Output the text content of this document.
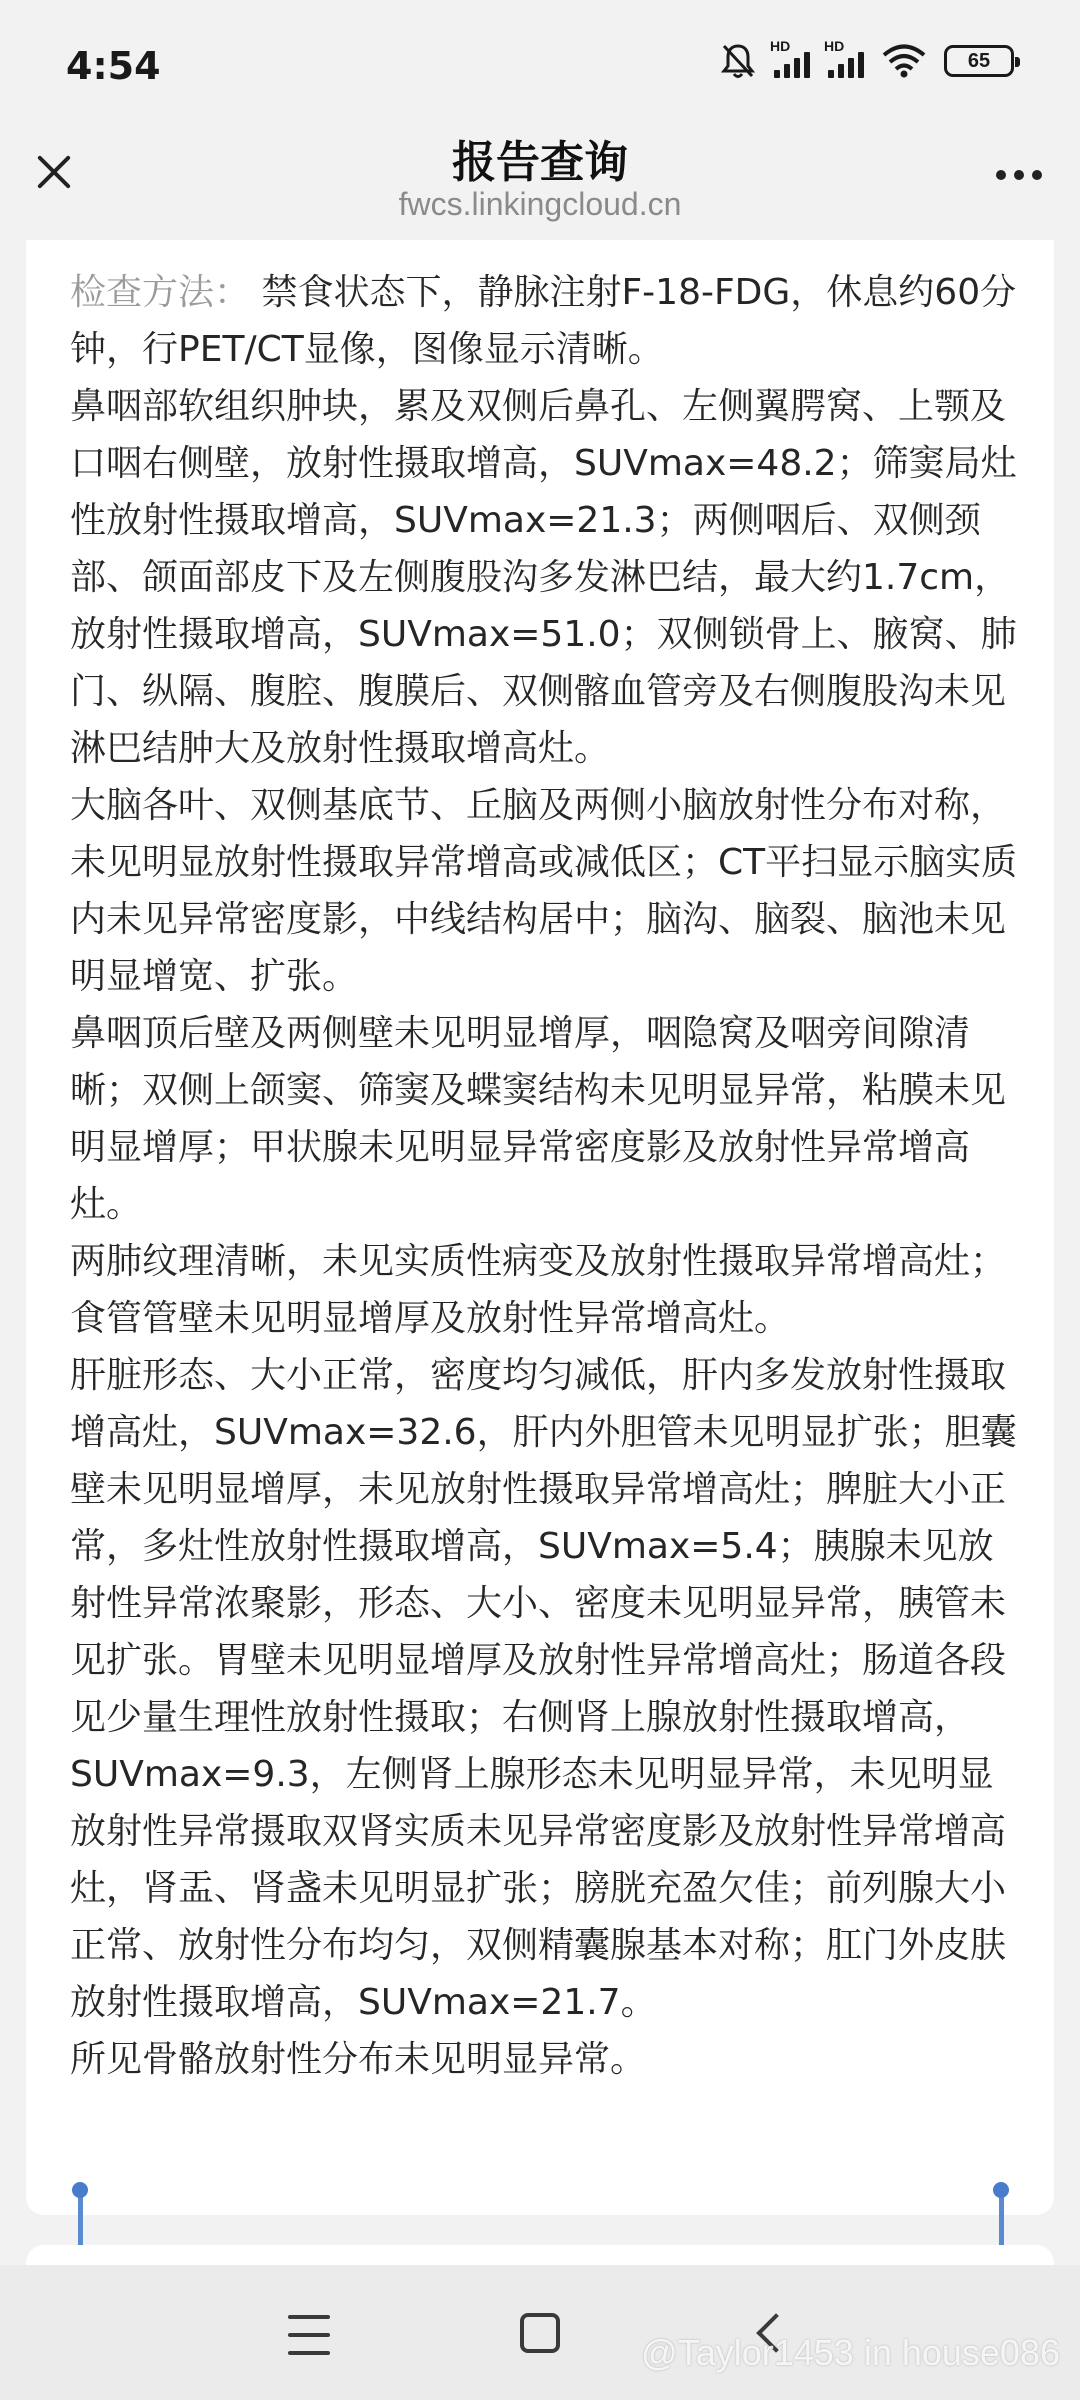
4:54	HD HD
65
报告查询
fwcs.linkingcloud.cn

检查方法： 禁食状态下，静脉注射F-18-FDG，休息约60分钟，行PET/CT显像，图像显示清晰。

鼻咽部软组织肿块，累及双侧后鼻孔、左侧翼腭窝、上颚及口咽右侧壁，放射性摄取增高，SUVmax=48.2；筛窦局灶性放射性摄取增高，SUVmax=21.3；两侧咽后、双侧颈部、颌面部皮下及左侧腹股沟多发淋巴结，最大约1.7cm，放射性摄取增高，SUVmax=51.0；双侧锁骨上、腋窝、肺门、纵隔、腹腔、腹膜后、双侧髂血管旁及右侧腹股沟未见淋巴结肿大及放射性摄取增高灶。

大脑各叶、双侧基底节、丘脑及两侧小脑放射性分布对称，未见明显放射性摄取异常增高或减低区；CT平扫显示脑实质内未见异常密度影，中线结构居中；脑沟、脑裂、脑池未见明显增宽、扩张。

鼻咽顶后壁及两侧壁未见明显增厚，咽隐窝及咽旁间隙清晰；双侧上颌窦、筛窦及蝶窦结构未见明显异常，粘膜未见明显增厚；甲状腺未见明显异常密度影及放射性异常增高灶。

两肺纹理清晰，未见实质性病变及放射性摄取异常增高灶；食管管壁未见明显增厚及放射性异常增高灶。

肝脏形态、大小正常，密度均匀减低，肝内多发放射性摄取增高灶，SUVmax=32.6，肝内外胆管未见明显扩张；胆囊壁未见明显增厚，未见放射性摄取异常增高灶；脾脏大小正常，多灶性放射性摄取增高，SUVmax=5.4；胰腺未见放射性异常浓聚影，形态、大小、密度未见明显异常，胰管未见扩张。胃壁未见明显增厚及放射性异常增高灶；肠道各段见少量生理性放射性摄取；右侧肾上腺放射性摄取增高，SUVmax=9.3，左侧肾上腺形态未见明显异常，未见明显放射性异常摄取双肾实质未见异常密度影及放射性异常增高灶，肾盂、肾盏未见明显扩张；膀胱充盈欠佳；前列腺大小正常、放射性分布均匀，双侧精囊腺基本对称；肛门外皮肤放射性摄取增高，SUVmax=21.7。

所见骨骼放射性分布未见明显异常。

@Taylor1453 in house086
